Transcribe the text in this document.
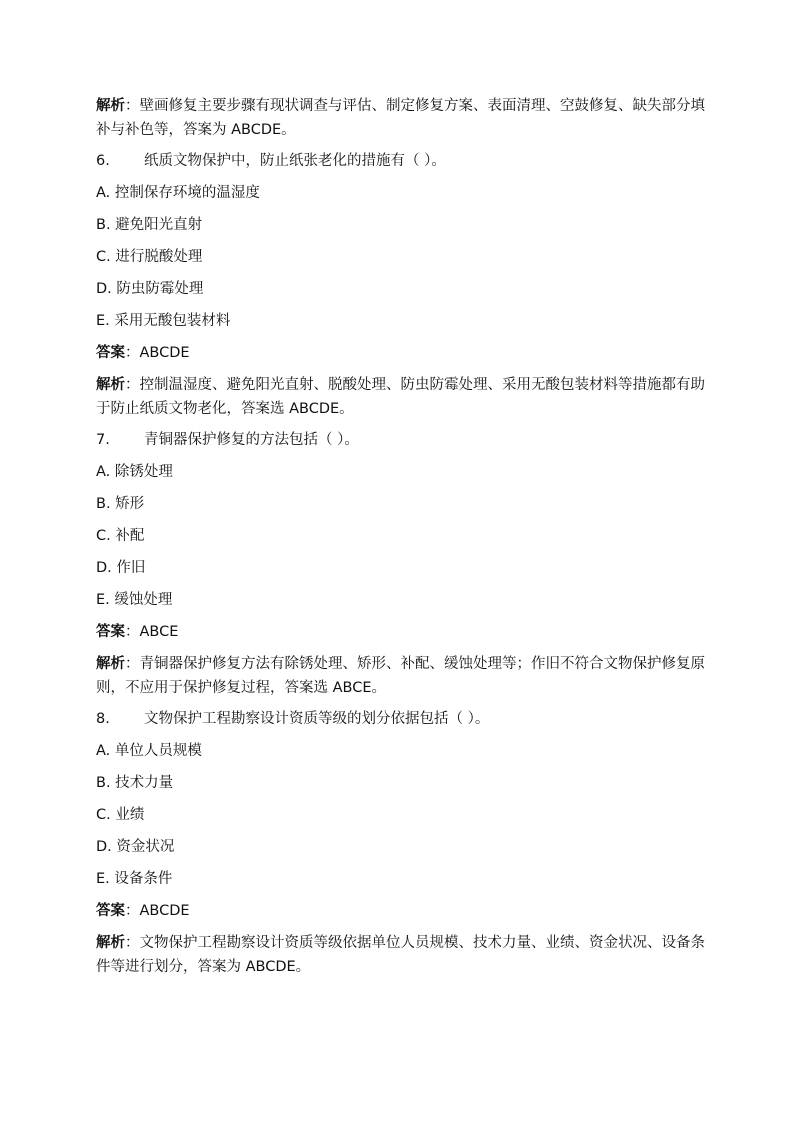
解析：壁画修复主要步骤有现状调查与评估、制定修复方案、表面清理、空鼓修复、缺失部分填补与补色等，答案为 ABCDE。

6.	纸质文物保护中，防止纸张老化的措施有（ ）。

A. 控制保存环境的温湿度

B. 避免阳光直射

C. 进行脱酸处理

D. 防虫防霉处理

E. 采用无酸包装材料

答案：ABCDE

解析：控制温湿度、避免阳光直射、脱酸处理、防虫防霉处理、采用无酸包装材料等措施都有助于防止纸质文物老化，答案选 ABCDE。

7.	青铜器保护修复的方法包括（ ）。

A. 除锈处理

B. 矫形

C. 补配

D. 作旧

E. 缓蚀处理

答案：ABCE

解析：青铜器保护修复方法有除锈处理、矫形、补配、缓蚀处理等；作旧不符合文物保护修复原则，不应用于保护修复过程，答案选 ABCE。

8.	文物保护工程勘察设计资质等级的划分依据包括（ ）。

A. 单位人员规模

B. 技术力量

C. 业绩

D. 资金状况

E. 设备条件

答案：ABCDE

解析：文物保护工程勘察设计资质等级依据单位人员规模、技术力量、业绩、资金状况、设备条件等进行划分，答案为 ABCDE。
